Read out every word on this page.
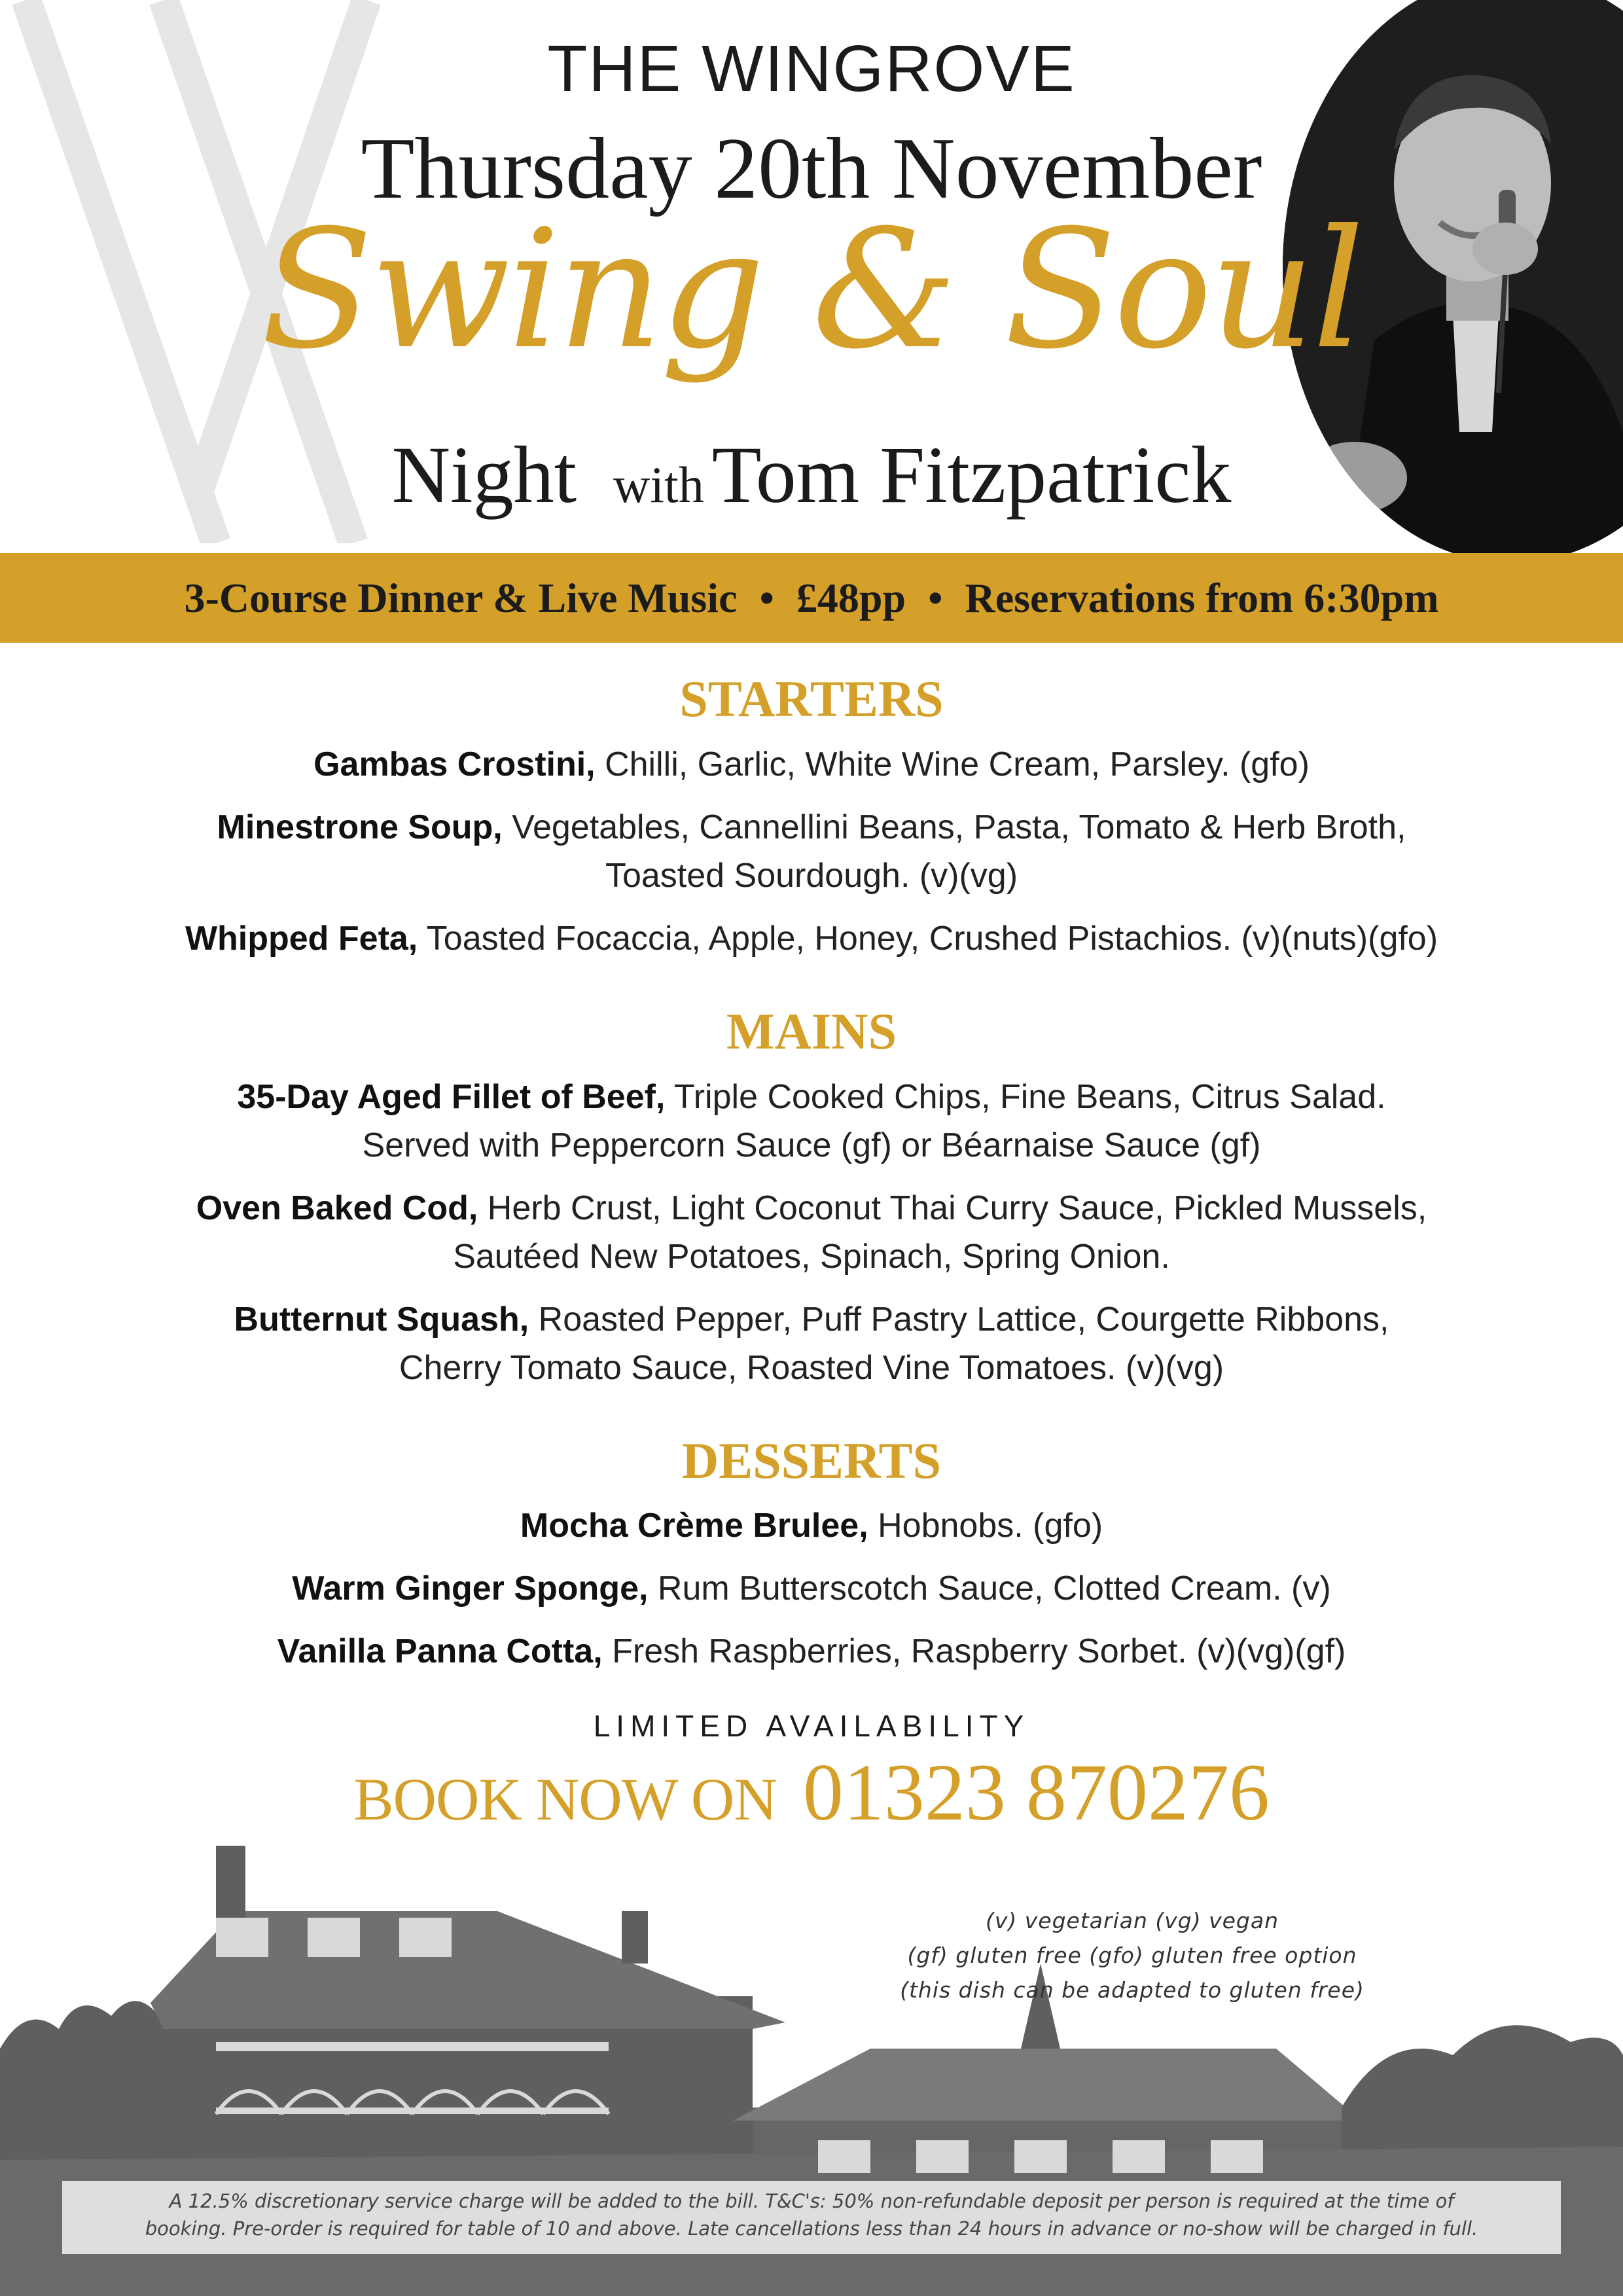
THE WINGROVE
Thursday 20th November
Swing & Soul
Night withTom Fitzpatrick
3-Course Dinner & Live Music • £48pp • Reservations from 6:30pm
STARTERS
Gambas Crostini, Chilli, Garlic, White Wine Cream, Parsley. (gfo)
Minestrone Soup, Vegetables, Cannellini Beans, Pasta, Tomato & Herb Broth,
Toasted Sourdough. (v)(vg)
Whipped Feta, Toasted Focaccia, Apple, Honey, Crushed Pistachios. (v)(nuts)(gfo)
MAINS
35-Day Aged Fillet of Beef, Triple Cooked Chips, Fine Beans, Citrus Salad.
Served with Peppercorn Sauce (gf) or Béarnaise Sauce (gf)
Oven Baked Cod, Herb Crust, Light Coconut Thai Curry Sauce, Pickled Mussels,
Sautéed New Potatoes, Spinach, Spring Onion.
Butternut Squash, Roasted Pepper, Puff Pastry Lattice, Courgette Ribbons,
Cherry Tomato Sauce, Roasted Vine Tomatoes. (v)(vg)
DESSERTS
Mocha Crème Brulee, Hobnobs. (gfo)
Warm Ginger Sponge, Rum Butterscotch Sauce, Clotted Cream. (v)
Vanilla Panna Cotta, Fresh Raspberries, Raspberry Sorbet. (v)(vg)(gf)
LIMITED AVAILABILITY
BOOK NOW ON 01323 870276
(v) vegetarian (vg) vegan
(gf) gluten free (gfo) gluten free option
(this dish can be adapted to gluten free)
A 12.5% discretionary service charge will be added to the bill. T&C's: 50% non-refundable deposit per person is required at the time of
booking. Pre-order is required for table of 10 and above. Late cancellations less than 24 hours in advance or no-show will be charged in full.
